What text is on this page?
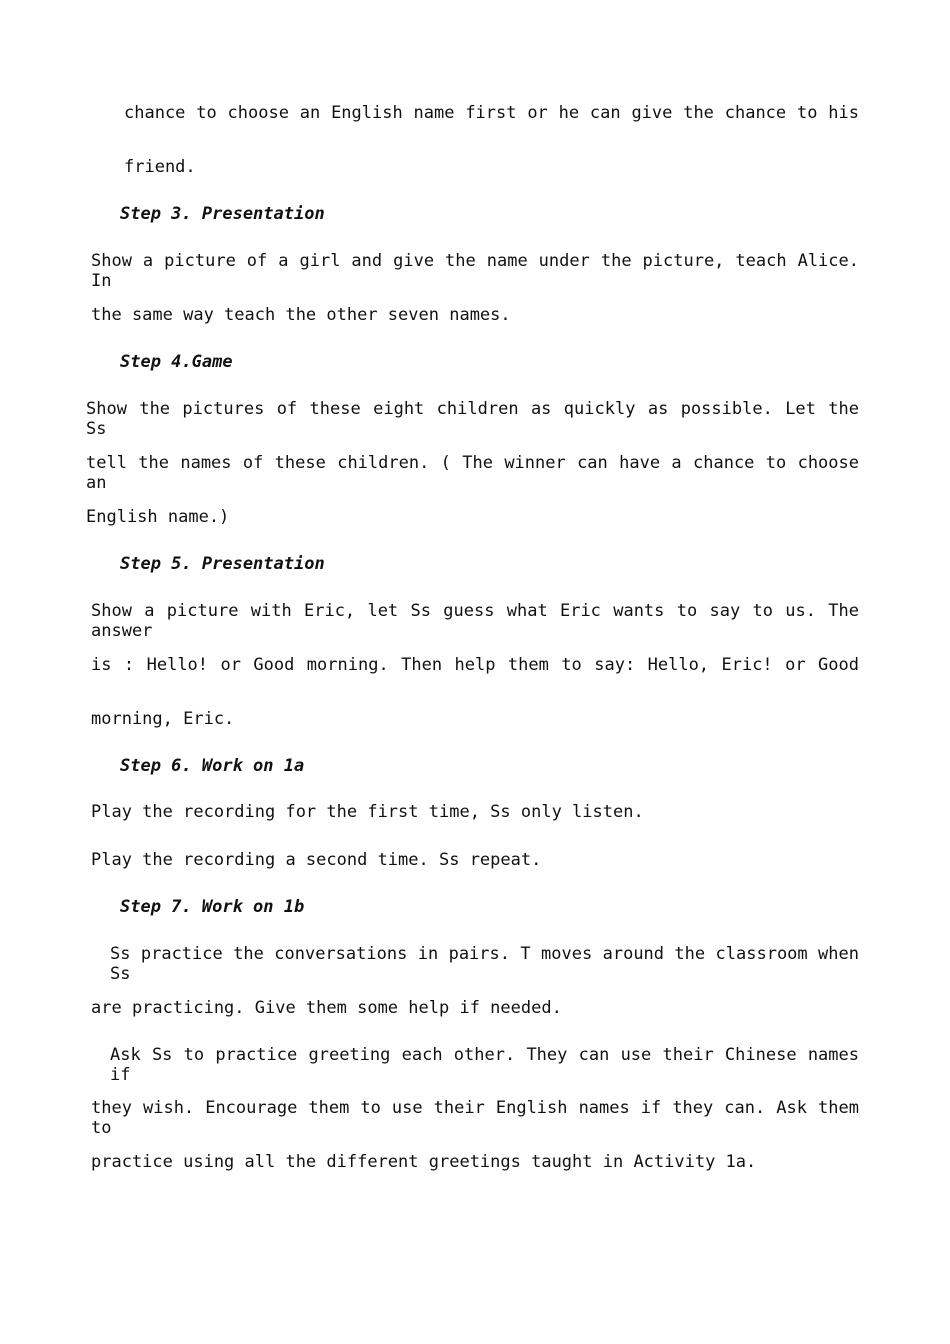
chance to choose an English name first or he can give the chance to his
friend.
Step 3. Presentation
Show a picture of a girl and give the name under the picture, teach Alice. In
the same way teach the other seven names.
Step 4.Game
Show the pictures of these eight children as quickly as possible. Let the Ss
tell the names of these children. ( The winner can have a chance to choose an
English name.)
Step 5. Presentation
Show a picture with Eric, let Ss guess what Eric wants to say to us. The answer
is : Hello! or Good morning. Then help them to say: Hello, Eric! or Good
morning, Eric.
Step 6. Work on 1a
Play the recording for the first time, Ss only listen.
Play the recording a second time. Ss repeat.
Step 7. Work on 1b
Ss practice the conversations in pairs. T moves around the classroom when Ss
are practicing. Give them some help if needed.
Ask Ss to practice greeting each other. They can use their Chinese names if
they wish. Encourage them to use their English names if they can. Ask them to
practice using all the different greetings taught in Activity 1a.
